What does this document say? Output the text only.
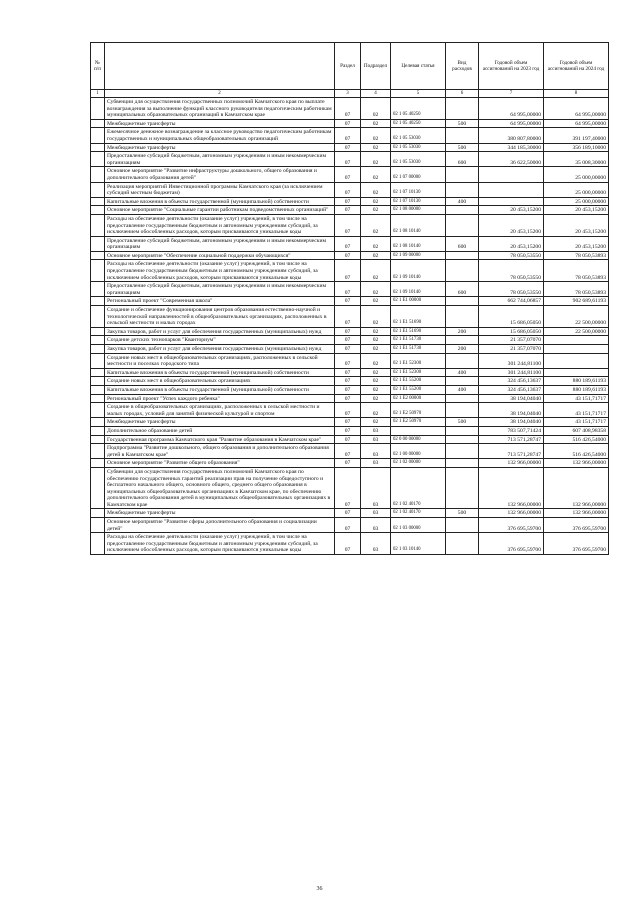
№ п/п		Раздел	Подраздел	Целевая статья	Вид расходов	Годовой объем ассигнований на 2023 год	Годовой объем ассигнований на 2024 год
1	2	3	4	5	6	7	8
	Субвенции для осуществления государственных полномочий Камчатского края по выплате вознаграждения за выполнение функций классного руководителя педагогическим работникам муниципальных образовательных организаций в Камчатском крае	07	02	02 1 05 40250		64 995,00000	64 995,00000
	Межбюджетные трансферты	07	02	02 1 05 40250	500	64 995,00000	64 995,00000
	Ежемесячное денежное вознаграждение за классное руководство педагогическим работникам государственных и муниципальных общеобразовательных организаций	07	02	02 1 05 53030		380 807,80000	391 197,40000
	Межбюджетные трансферты	07	02	02 1 05 53030	500	344 185,30000	356 189,10000
	Предоставление субсидий бюджетным, автономным учреждениям и иным некоммерческим организациям	07	02	02 1 05 53030	600	36 622,50000	35 008,30000
	Основное мероприятие "Развитие инфраструктуры дошкольного, общего образования и дополнительного образования детей"	07	02	02 1 07 00000			25 000,00000
	Реализация мероприятий Инвестиционной программы Камчатского края (за исключением субсидий местным бюджетам)	07	02	02 1 07 10130			25 000,00000
	Капитальные вложения в объекты государственной (муниципальной) собственности	07	02	02 1 07 10130	400		25 000,00000
	Основное мероприятие "Социальные гарантии работникам подведомственных организаций"	07	02	02 1 08 00000		20 453,15200	20 453,15200
	Расходы на обеспечение деятельности (оказание услуг) учреждений, в том числе на предоставление государственным бюджетным и автономным учреждениям субсидий, за исключением обособленных расходов, которым присваиваются уникальные коды	07	02	02 1 08 10140		20 453,15200	20 453,15200
	Предоставление субсидий бюджетным, автономным учреждениям и иным некоммерческим организациям	07	02	02 1 08 10140	600	20 453,15200	20 453,15200
	Основное мероприятие "Обеспечение социальной поддержки обучающихся"	07	02	02 1 09 00000		78 050,53550	78 050,53893
	Расходы на обеспечение деятельности (оказание услуг) учреждений, в том числе на предоставление государственным бюджетным и автономным учреждениям субсидий, за исключением обособленных расходов, которым присваиваются уникальные коды	07	02	02 1 09 10140		78 050,53550	78 050,53893
	Предоставление субсидий бюджетным, автономным учреждениям и иным некоммерческим организациям	07	02	02 1 09 10140	600	78 050,53550	78 050,53893
	Региональный проект "Современная школа"	07	02	02 1 E1 00000		662 744,06857	902 689,61193
	Создание и обеспечение функционирования центров образования естественно-научной и технологической направленностей в общеобразовательных организациях, расположенных в сельской местности и малых городах	07	02	02 1 E1 51690		15 686,05050	22 500,00000
	Закупка товаров, работ и услуг для обеспечения государственных (муниципальных) нужд	07	02	02 1 E1 51690	200	15 686,05050	22 500,00000
	Создание детских технопарков "Кванториум"	07	02	02 1 E1 51730		21 357,07070	
	Закупка товаров, работ и услуг для обеспечения государственных (муниципальных) нужд	07	02	02 1 E1 51730	200	21 357,07070	
	Создание новых мест в общеобразовательных организациях, расположенных в сельской местности и поселках городского типа	07	02	02 1 E1 52300		301 244,81100	
	Капитальные вложения в объекты государственной (муниципальной) собственности	07	02	02 1 E1 52300	400	301 244,81100	
	Создание новых мест в общеобразовательных организациях	07	02	02 1 E1 55200		324 456,13637	880 189,61193
	Капитальные вложения в объекты государственной (муниципальной) собственности	07	02	02 1 E1 55200	400	324 456,13637	880 189,61193
	Региональный проект "Успех каждого ребенка"	07	02	02 1 E2 00000		38 194,04040	43 151,71717
	Создание в общеобразовательных организациях, расположенных в сельской местности и малых городах, условий для занятий физической культурой и спортом	07	02	02 1 E2 50970		38 194,04040	43 151,71717
	Межбюджетные трансферты	07	02	02 1 E2 50970	500	38 194,04040	43 151,71717
	Дополнительное образование детей	07	03			783 507,71424	607 408,98358
	Государственная программа Камчатского края "Развитие образования в Камчатском крае"	07	03	02 0 00 00000		713 571,28747	516 426,54000
	Подпрограмма "Развитие дошкольного, общего образования и дополнительного образования детей в Камчатском крае"	07	03	02 1 00 00000		713 571,28747	516 426,54000
	Основное мероприятие "Развитие общего образования"	07	03	02 1 02 00000		132 966,00000	132 966,00000
	Субвенции для осуществления государственных полномочий Камчатского края по обеспечению государственных гарантий реализации прав на получение общедоступного и бесплатного начального общего, основного общего, среднего общего образования в муниципальных общеобразовательных организациях в Камчатском крае, по обеспечению дополнительного образования детей в муниципальных общеобразовательных организациях в Камчатском крае	07	03	02 1 02 40170		132 966,00000	132 966,00000
	Межбюджетные трансферты	07	03	02 1 02 40170	500	132 966,00000	132 966,00000
	Основное мероприятие "Развитие сферы дополнительного образования и социализации детей"	07	03	02 1 03 00000		376 695,59700	376 695,59700
	Расходы на обеспечение деятельности (оказание услуг) учреждений, в том числе на предоставление государственным бюджетным и автономным учреждениям субсидий, за исключением обособленных расходов, которым присваиваются уникальные коды	07	03	02 1 03 10140		376 695,59700	376 695,59700
36
